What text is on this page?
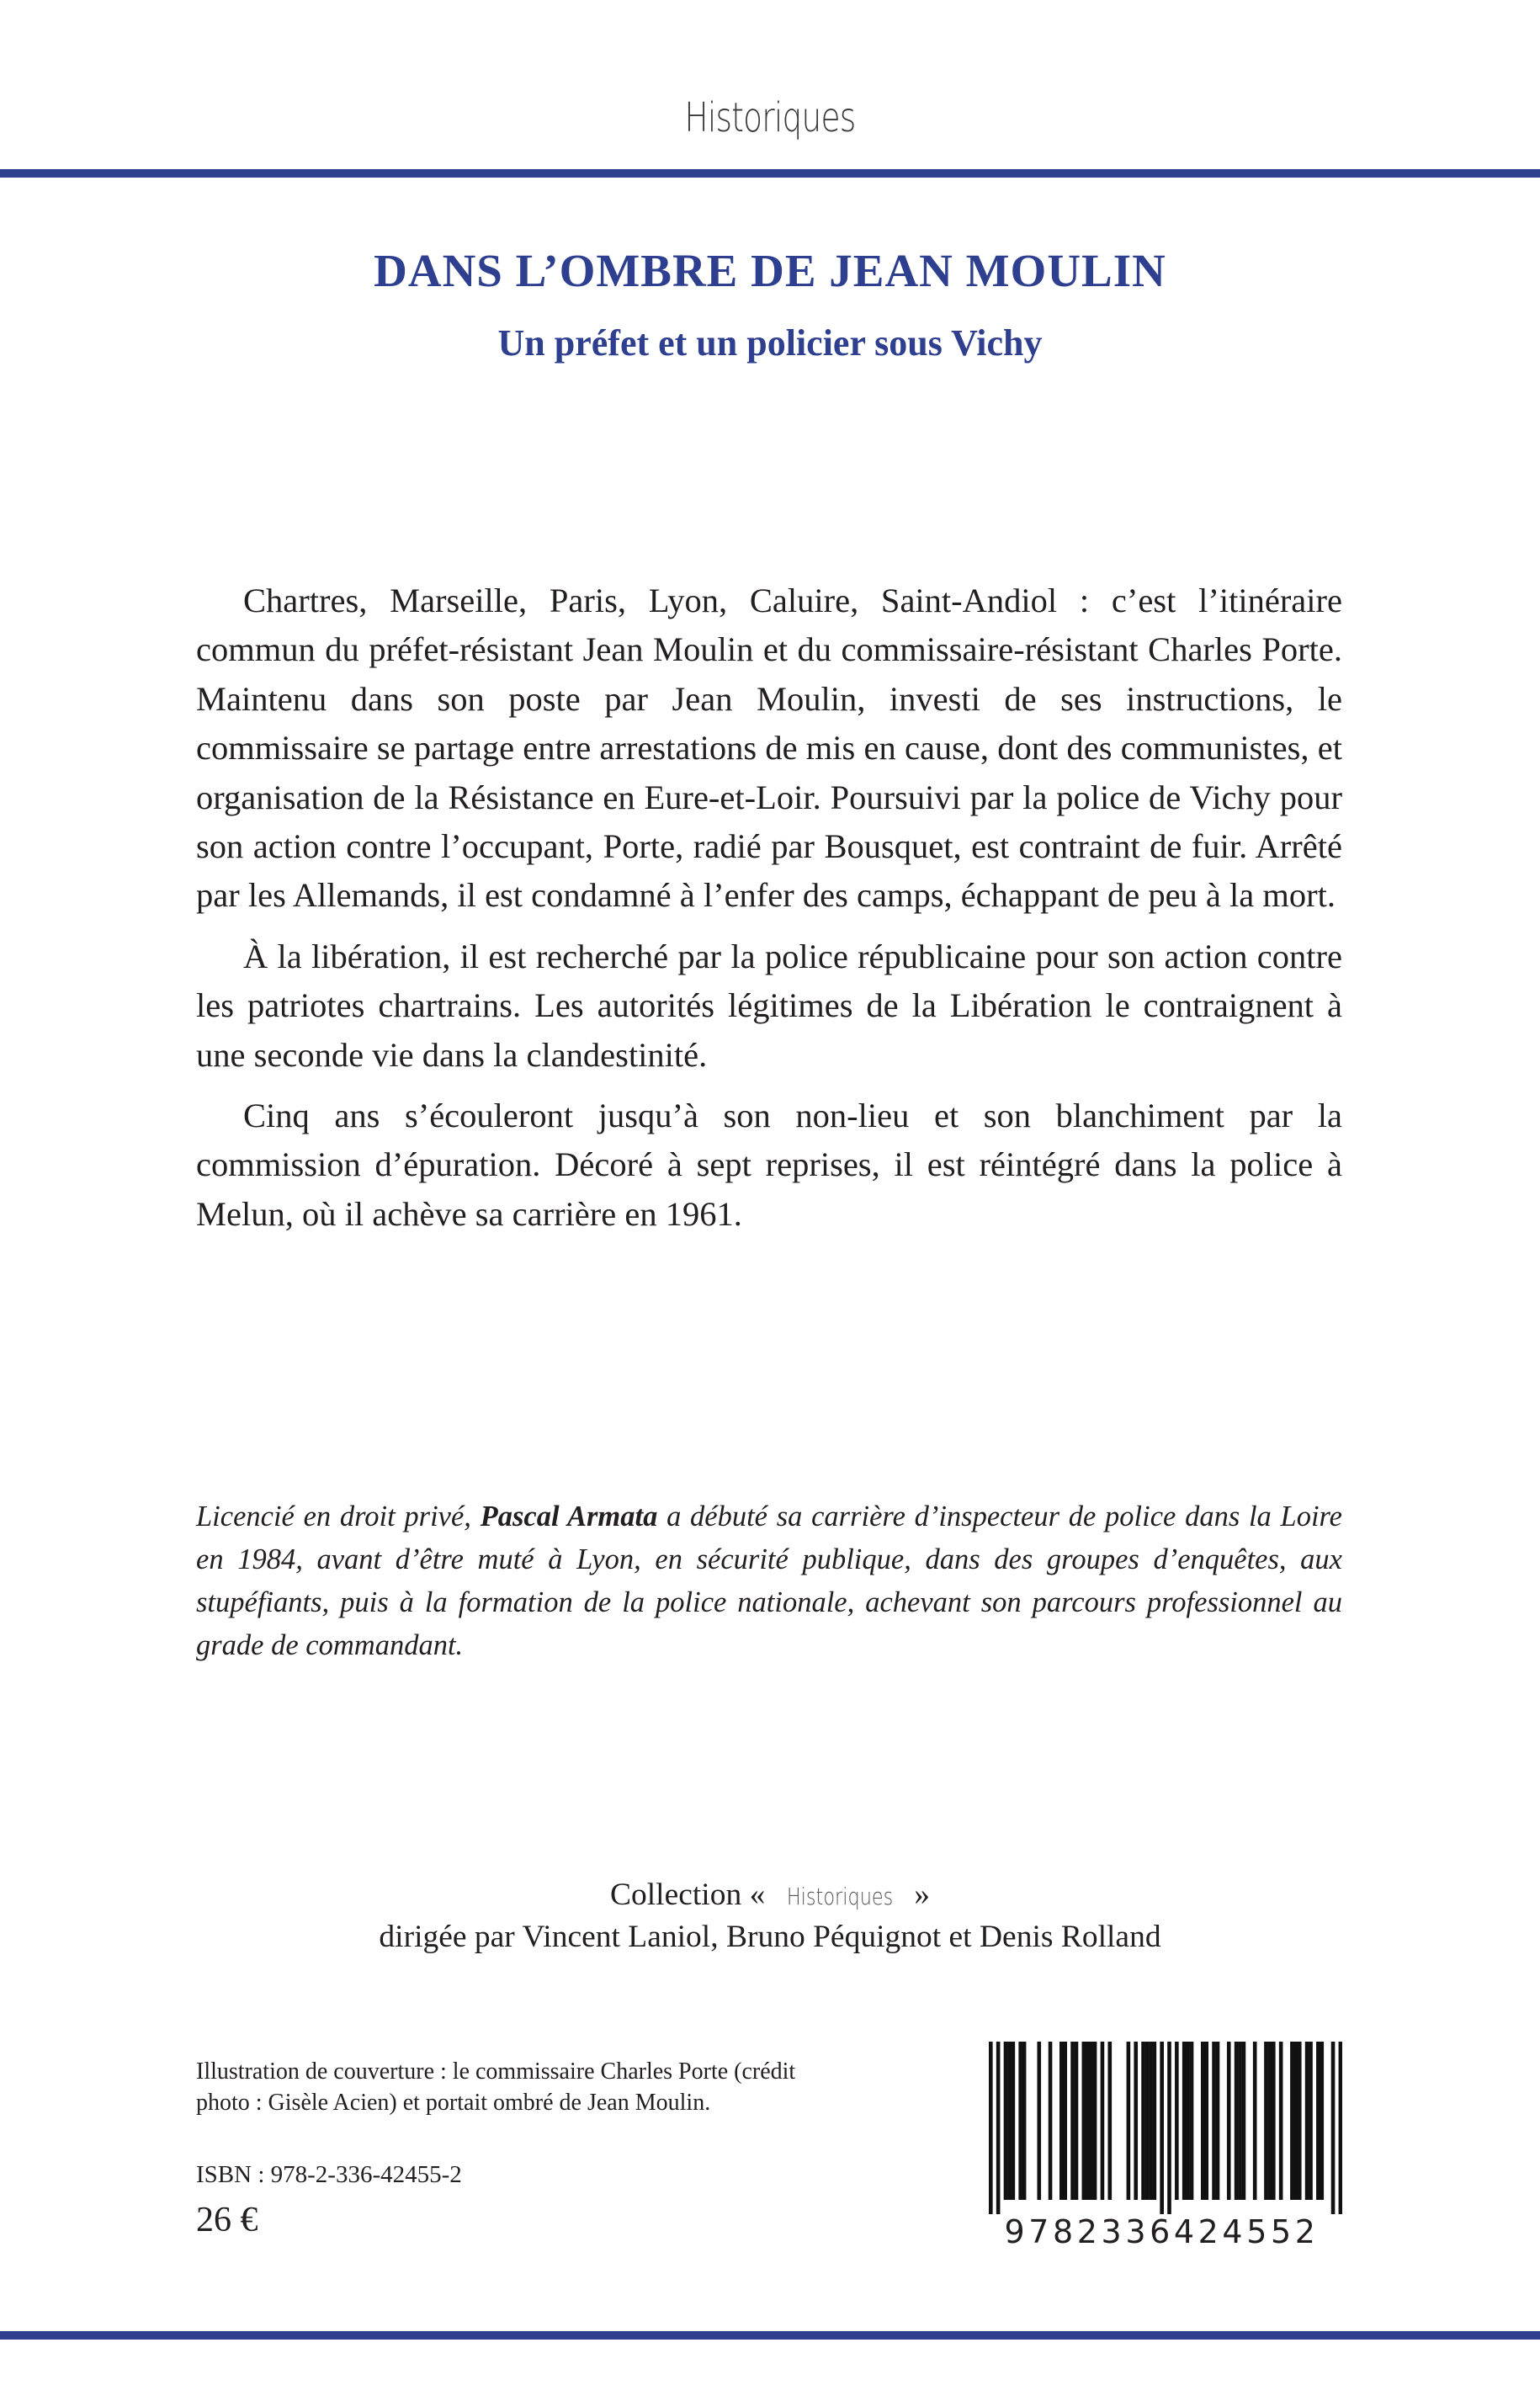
Historiques
DANS L’OMBRE DE JEAN MOULIN
Un préfet et un policier sous Vichy

Chartres, Marseille, Paris, Lyon, Caluire, Saint-Andiol : c’est l’itinéraire commun du préfet-résistant Jean Moulin et du commissaire-résistant Charles Porte. Maintenu dans son poste par Jean Moulin, investi de ses instructions, le commissaire se partage entre arrestations de mis en cause, dont des communistes, et organisation de la Résistance en Eure-et-Loir. Poursuivi par la police de Vichy pour son action contre l’occupant, Porte, radié par Bousquet, est contraint de fuir. Arrêté par les Allemands, il est condamné à l’enfer des camps, échappant de peu à la mort.

À la libération, il est recherché par la police républicaine pour son action contre les patriotes chartrains. Les autorités légitimes de la Libération le contraignent à une seconde vie dans la clandestinité.

Cinq ans s’écouleront jusqu’à son non-lieu et son blanchiment par la commission d’épuration. Décoré à sept reprises, il est réintégré dans la police à Melun, où il achève sa carrière en 1961.

Licencié en droit privé, Pascal Armata a débuté sa carrière d’inspecteur de police dans la Loire en 1984, avant d’être muté à Lyon, en sécurité publique, dans des groupes d’enquêtes, aux stupéfiants, puis à la formation de la police nationale, achevant son parcours professionnel au grade de commandant.
Collection « Historiques »
dirigée par Vincent Laniol, Bruno Péquignot et Denis Rolland
Illustration de couverture : le commissaire Charles Porte (crédit photo : Gisèle Acien) et portait ombré de Jean Moulin.
ISBN : 978-2-336-42455-2
26 €	9782336424552
